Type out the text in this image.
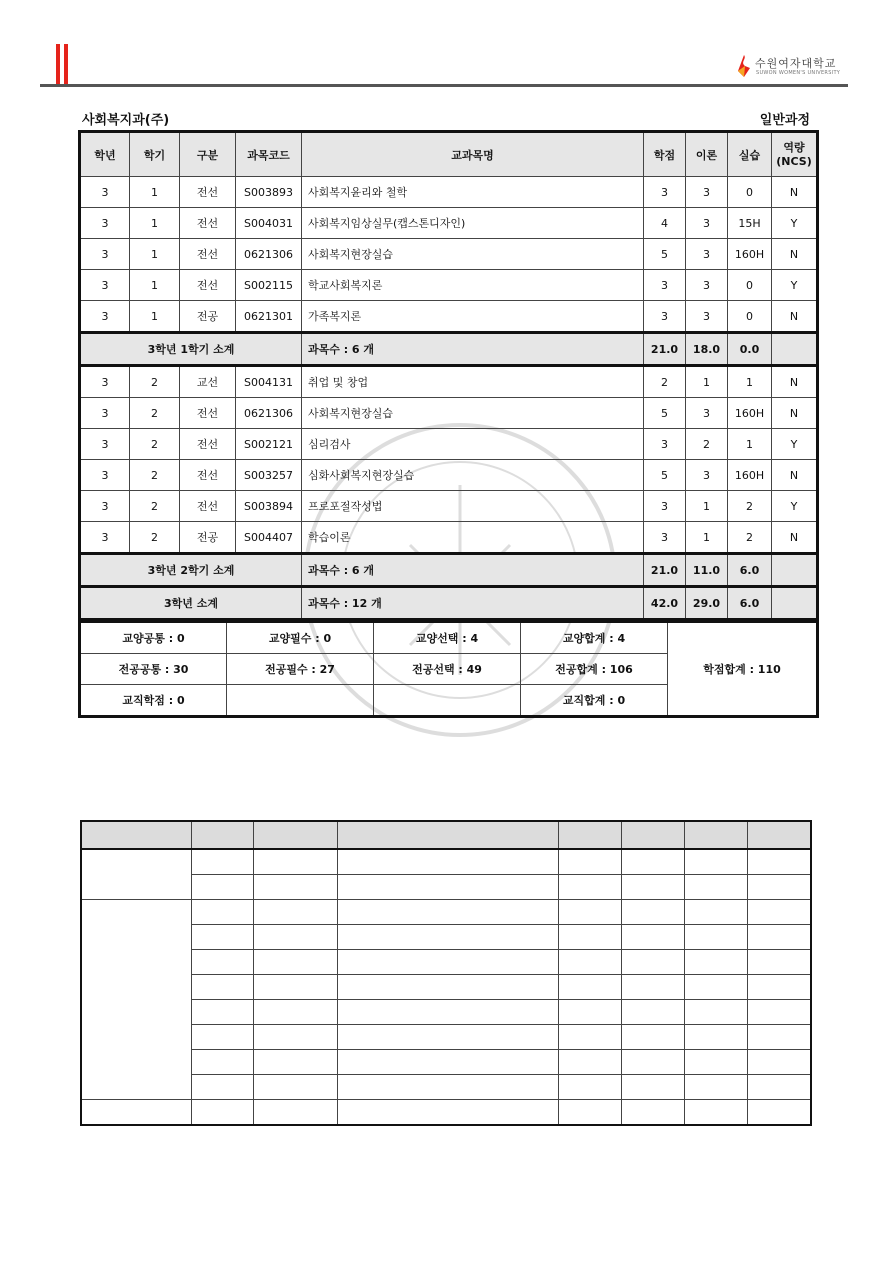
수원여자대학교
SUWON WOMEN'S UNIVERSITY
사회복지과(주)	일반과정
학년	학기	구분	과목코드	교과목명	학점	이론	실습	역량
(NCS)
3	1	전선	S003893	사회복지윤리와 철학	3	3	0	N
3	1	전선	S004031	사회복지임상실무(캡스톤디자인)	4	3	15H	Y
3	1	전선	0621306	사회복지현장실습	5	3	160H	N
3	1	전선	S002115	학교사회복지론	3	3	0	Y
3	1	전공	0621301	가족복지론	3	3	0	N
3학년 1학기 소계				과목수 : 6 개	21.0	18.0	0.0	
3	2	교선	S004131	취업 및 창업	2	1	1	N
3	2	전선	0621306	사회복지현장실습	5	3	160H	N
3	2	전선	S002121	심리검사	3	2	1	Y
3	2	전선	S003257	심화사회복지현장실습	5	3	160H	N
3	2	전선	S003894	프로포절작성법	3	1	2	Y
3	2	전공	S004407	학습이론	3	1	2	N
3학년 2학기 소계				과목수 : 6 개	21.0	11.0	6.0	
3학년 소계				과목수 : 12 개	42.0	29.0	6.0	
교양공통 : 0	교양필수 : 0	교양선택 : 4	교양합계 : 4	학점합계 : 110
전공공통 : 30	전공필수 : 27	전공선택 : 49	전공합계 : 106	
교직학점 : 0			교직합계 : 0	
